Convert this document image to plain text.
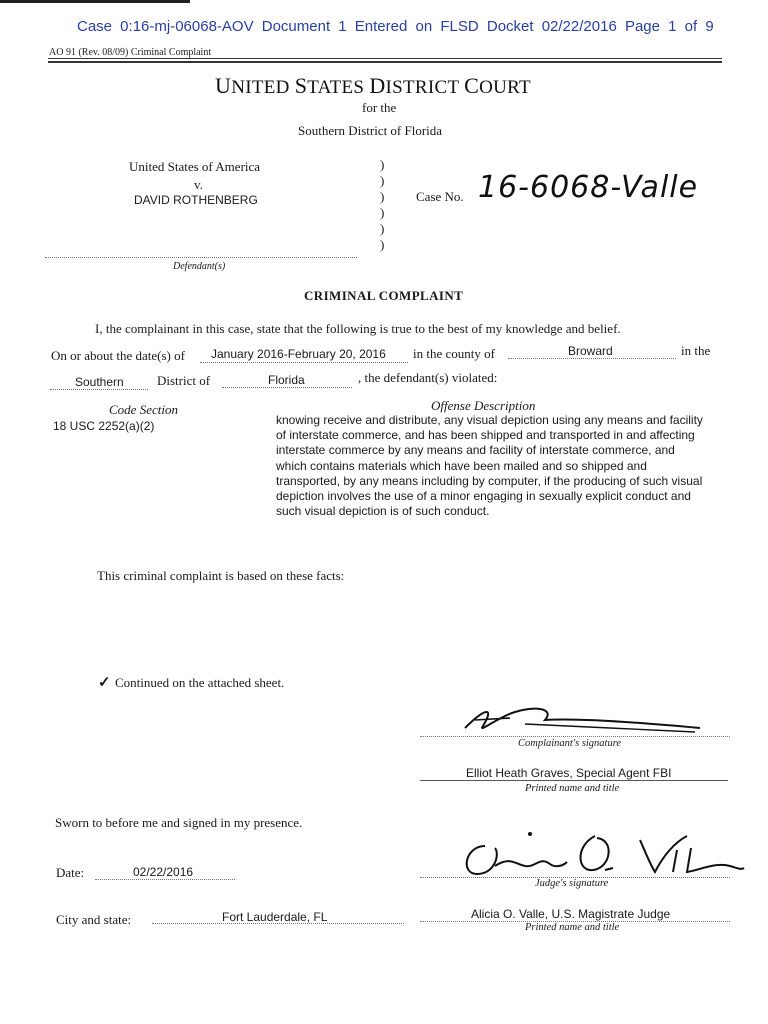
Case 0:16-mj-06068-AOV Document 1 Entered on FLSD Docket 02/22/2016 Page 1 of 9
AO 91 (Rev. 08/09) Criminal Complaint
UNITED STATES DISTRICT COURT
for the
Southern District of Florida
United States of America
v.
DAVID ROTHENBERG
Defendant(s)
)
)
)
)
)
)
Case No. 16-6068-Valle
CRIMINAL COMPLAINT
I, the complainant in this case, state that the following is true to the best of my knowledge and belief.
On or about the date(s) of January 2016-February 20, 2016 in the county of	Broward	in the
Southern	District of	Florida	, the defendant(s) violated:
Code Section	Offense Description
18 USC 2252(a)(2)	knowing receive and distribute, any visual depiction using any means and facility of interstate commerce, and has been shipped and transported in and affecting interstate commerce by any means and facility of interstate commerce, and which contains materials which have been mailed and so shipped and transported, by any means including by computer, if the producing of such visual depiction involves the use of a minor engaging in sexually explicit conduct and such visual depiction is of such conduct.
This criminal complaint is based on these facts:
✓ Continued on the attached sheet.
Complainant's signature
Elliot Heath Graves, Special Agent FBI
Printed name and title
Sworn to before me and signed in my presence.
Date:	02/22/2016
Judge's signature
City and state:	Fort Lauderdale, FL	Alicia O. Valle, U.S. Magistrate Judge
Printed name and title
